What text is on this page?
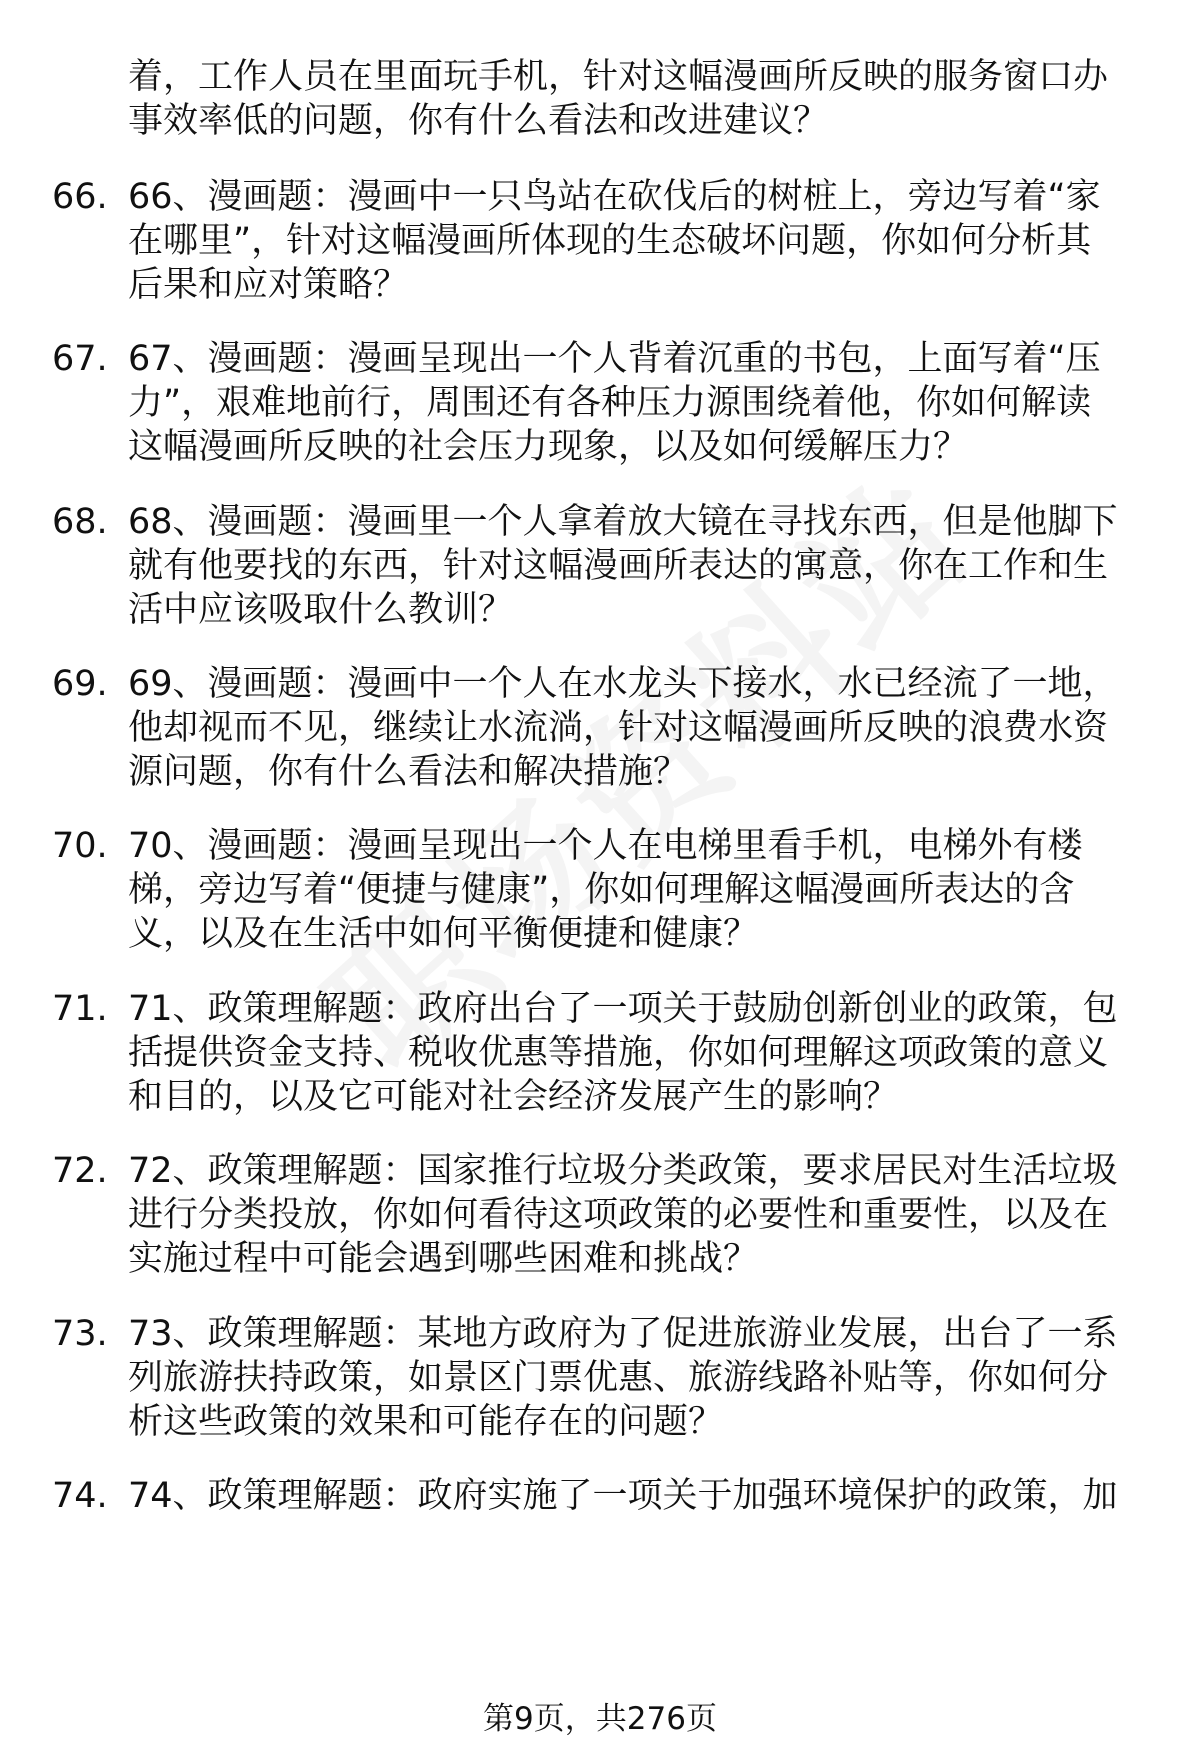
着，工作人员在里面玩手机，针对这幅漫画所反映的服务窗口办
事效率低的问题，你有什么看法和改进建议？
66. 66、漫画题：漫画中一只鸟站在砍伐后的树桩上，旁边写着“家
在哪里”，针对这幅漫画所体现的生态破坏问题，你如何分析其
后果和应对策略？
67. 67、漫画题：漫画呈现出一个人背着沉重的书包，上面写着“压
力”，艰难地前行，周围还有各种压力源围绕着他，你如何解读
这幅漫画所反映的社会压力现象，以及如何缓解压力？
68. 68、漫画题：漫画里一个人拿着放大镜在寻找东西，但是他脚下
就有他要找的东西，针对这幅漫画所表达的寓意，你在工作和生
活中应该吸取什么教训？
69. 69、漫画题：漫画中一个人在水龙头下接水，水已经流了一地，
他却视而不见，继续让水流淌，针对这幅漫画所反映的浪费水资
源问题，你有什么看法和解决措施？
70. 70、漫画题：漫画呈现出一个人在电梯里看手机，电梯外有楼
梯，旁边写着“便捷与健康”，你如何理解这幅漫画所表达的含
义，以及在生活中如何平衡便捷和健康？
71. 71、政策理解题：政府出台了一项关于鼓励创新创业的政策，包
括提供资金支持、税收优惠等措施，你如何理解这项政策的意义
和目的，以及它可能对社会经济发展产生的影响？
72. 72、政策理解题：国家推行垃圾分类政策，要求居民对生活垃圾
进行分类投放，你如何看待这项政策的必要性和重要性，以及在
实施过程中可能会遇到哪些困难和挑战？
73. 73、政策理解题：某地方政府为了促进旅游业发展，出台了一系
列旅游扶持政策，如景区门票优惠、旅游线路补贴等，你如何分
析这些政策的效果和可能存在的问题？
74. 74、政策理解题：政府实施了一项关于加强环境保护的政策，加
第9页，共276页
